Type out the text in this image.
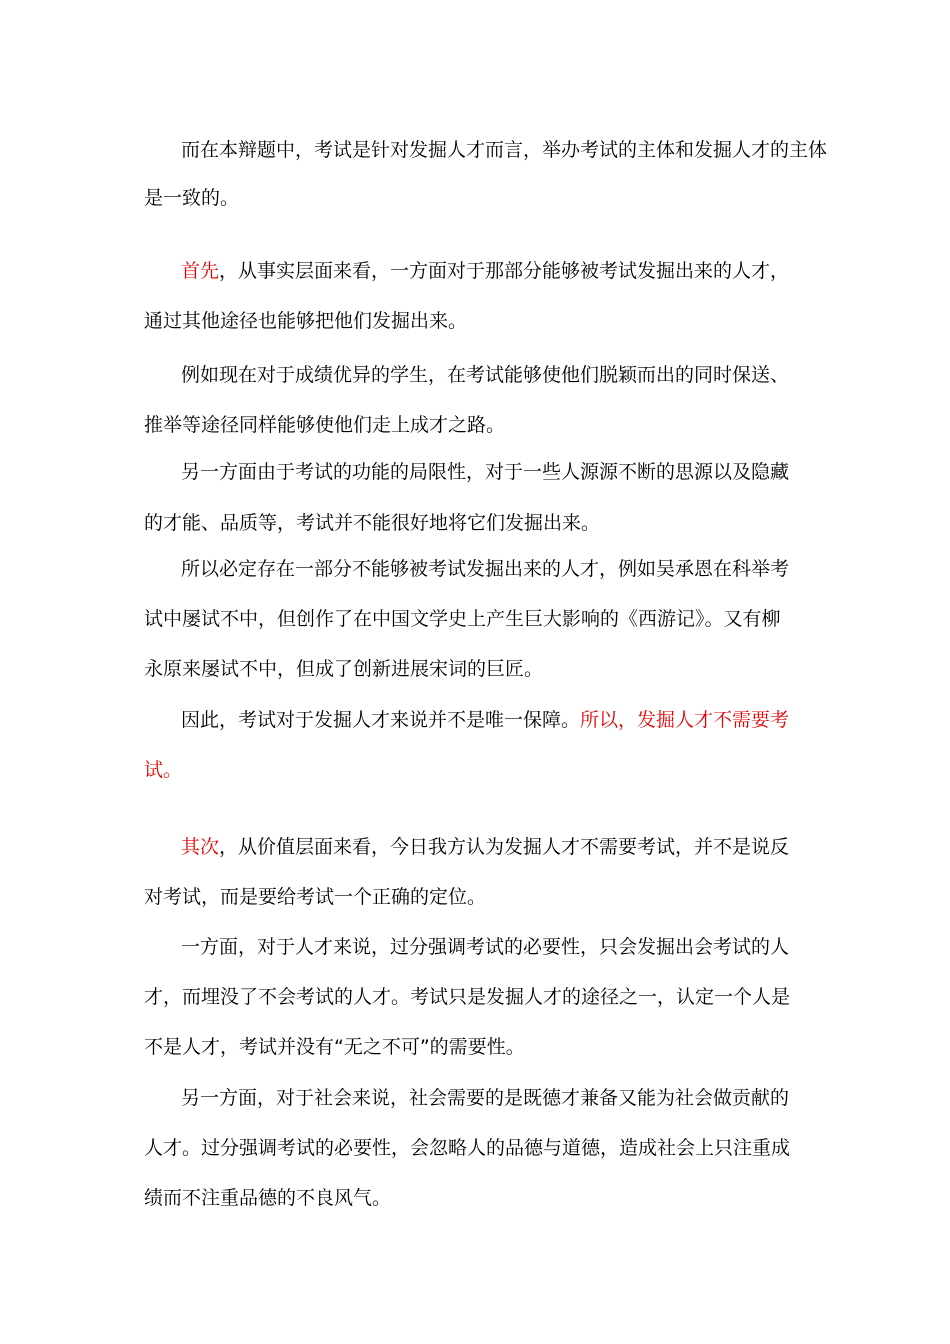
而在本辩题中，考试是针对发掘人才而言，举办考试的主体和发掘人才的主体
是一致的。
首先，从事实层面来看，一方面对于那部分能够被考试发掘出来的人才，
通过其他途径也能够把他们发掘出来。
例如现在对于成绩优异的学生，在考试能够使他们脱颖而出的同时保送、
推举等途径同样能够使他们走上成才之路。
另一方面由于考试的功能的局限性，对于一些人源源不断的思源以及隐藏
的才能、品质等，考试并不能很好地将它们发掘出来。
所以必定存在一部分不能够被考试发掘出来的人才，例如吴承恩在科举考
试中屡试不中，但创作了在中国文学史上产生巨大影响的《西游记》。又有柳
永原来屡试不中，但成了创新进展宋词的巨匠。
因此，考试对于发掘人才来说并不是唯一保障。所以，发掘人才不需要考
试。
其次，从价值层面来看，今日我方认为发掘人才不需要考试，并不是说反
对考试，而是要给考试一个正确的定位。
一方面，对于人才来说，过分强调考试的必要性，只会发掘出会考试的人
才，而埋没了不会考试的人才。考试只是发掘人才的途径之一，认定一个人是
不是人才，考试并没有“无之不可”的需要性。
另一方面，对于社会来说，社会需要的是既德才兼备又能为社会做贡献的
人才。过分强调考试的必要性，会忽略人的品德与道德，造成社会上只注重成
绩而不注重品德的不良风气。
